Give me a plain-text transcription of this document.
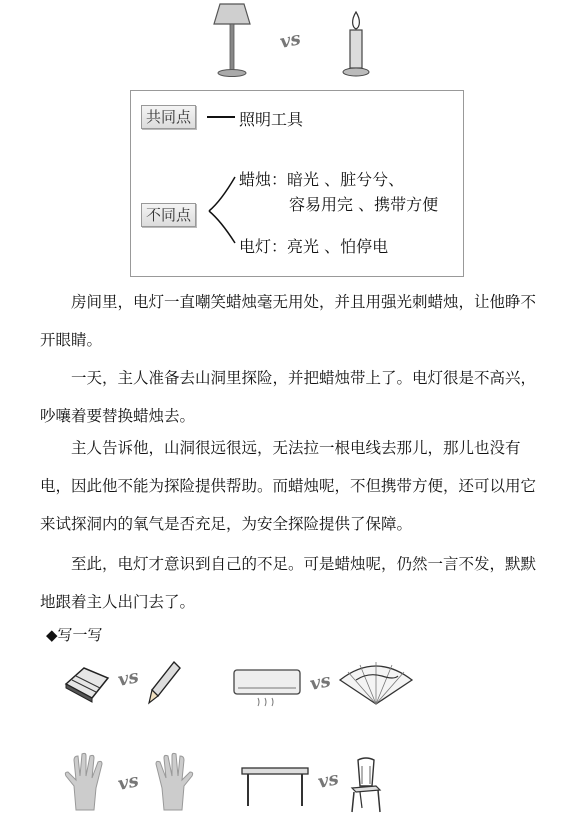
vs
共同点	照明工具
不同点
蜡烛：暗光 、脏兮兮、
容易用完 、携带方便
电灯：亮光 、怕停电

房间里，电灯一直嘲笑蜡烛毫无用处，并且用强光刺蜡烛，让他睁不开眼睛。

一天，主人准备去山洞里探险，并把蜡烛带上了。电灯很是不高兴，吵嚷着要替换蜡烛去。

主人告诉他，山洞很远很远，无法拉一根电线去那儿，那儿也没有电，因此他不能为探险提供帮助。而蜡烛呢，不但携带方便，还可以用它来试探洞内的氧气是否充足，为安全探险提供了保障。

至此，电灯才意识到自己的不足。可是蜡烛呢，仍然一言不发，默默地跟着主人出门去了。

◆写一写
vs	vs
vs	vs
